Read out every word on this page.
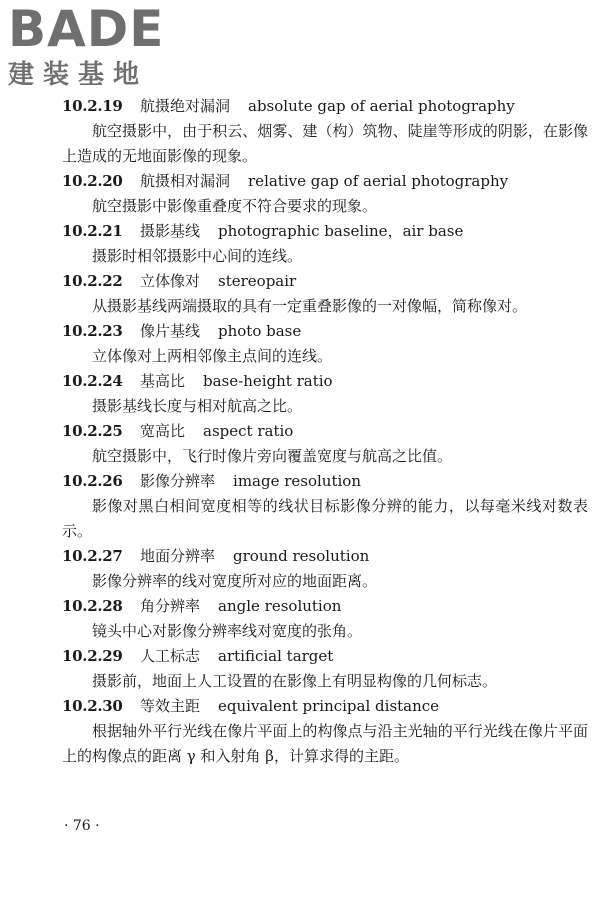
BADE
建装基地
10.2.19 航摄绝对漏洞 absolute gap of aerial photography

航空摄影中，由于积云、烟雾、建（构）筑物、陡崖等形成的阴影，在影像上造成的无地面影像的现象。

10.2.20 航摄相对漏洞 relative gap of aerial photography

航空摄影中影像重叠度不符合要求的现象。

10.2.21 摄影基线 photographic baseline，air base

摄影时相邻摄影中心间的连线。

10.2.22 立体像对 stereopair

从摄影基线两端摄取的具有一定重叠影像的一对像幅，简称像对。

10.2.23 像片基线 photo base

立体像对上两相邻像主点间的连线。

10.2.24 基高比 base-height ratio

摄影基线长度与相对航高之比。

10.2.25 宽高比 aspect ratio

航空摄影中，飞行时像片旁向覆盖宽度与航高之比值。

10.2.26 影像分辨率 image resolution

影像对黑白相间宽度相等的线状目标影像分辨的能力，以每毫米线对数表示。

10.2.27 地面分辨率 ground resolution

影像分辨率的线对宽度所对应的地面距离。

10.2.28 角分辨率 angle resolution

镜头中心对影像分辨率线对宽度的张角。

10.2.29 人工标志 artificial target

摄影前，地面上人工设置的在影像上有明显构像的几何标志。

10.2.30 等效主距 equivalent principal distance

根据轴外平行光线在像片平面上的构像点与沿主光轴的平行光线在像片平面上的构像点的距离 γ 和入射角 β，计算求得的主距。

· 76 ·
